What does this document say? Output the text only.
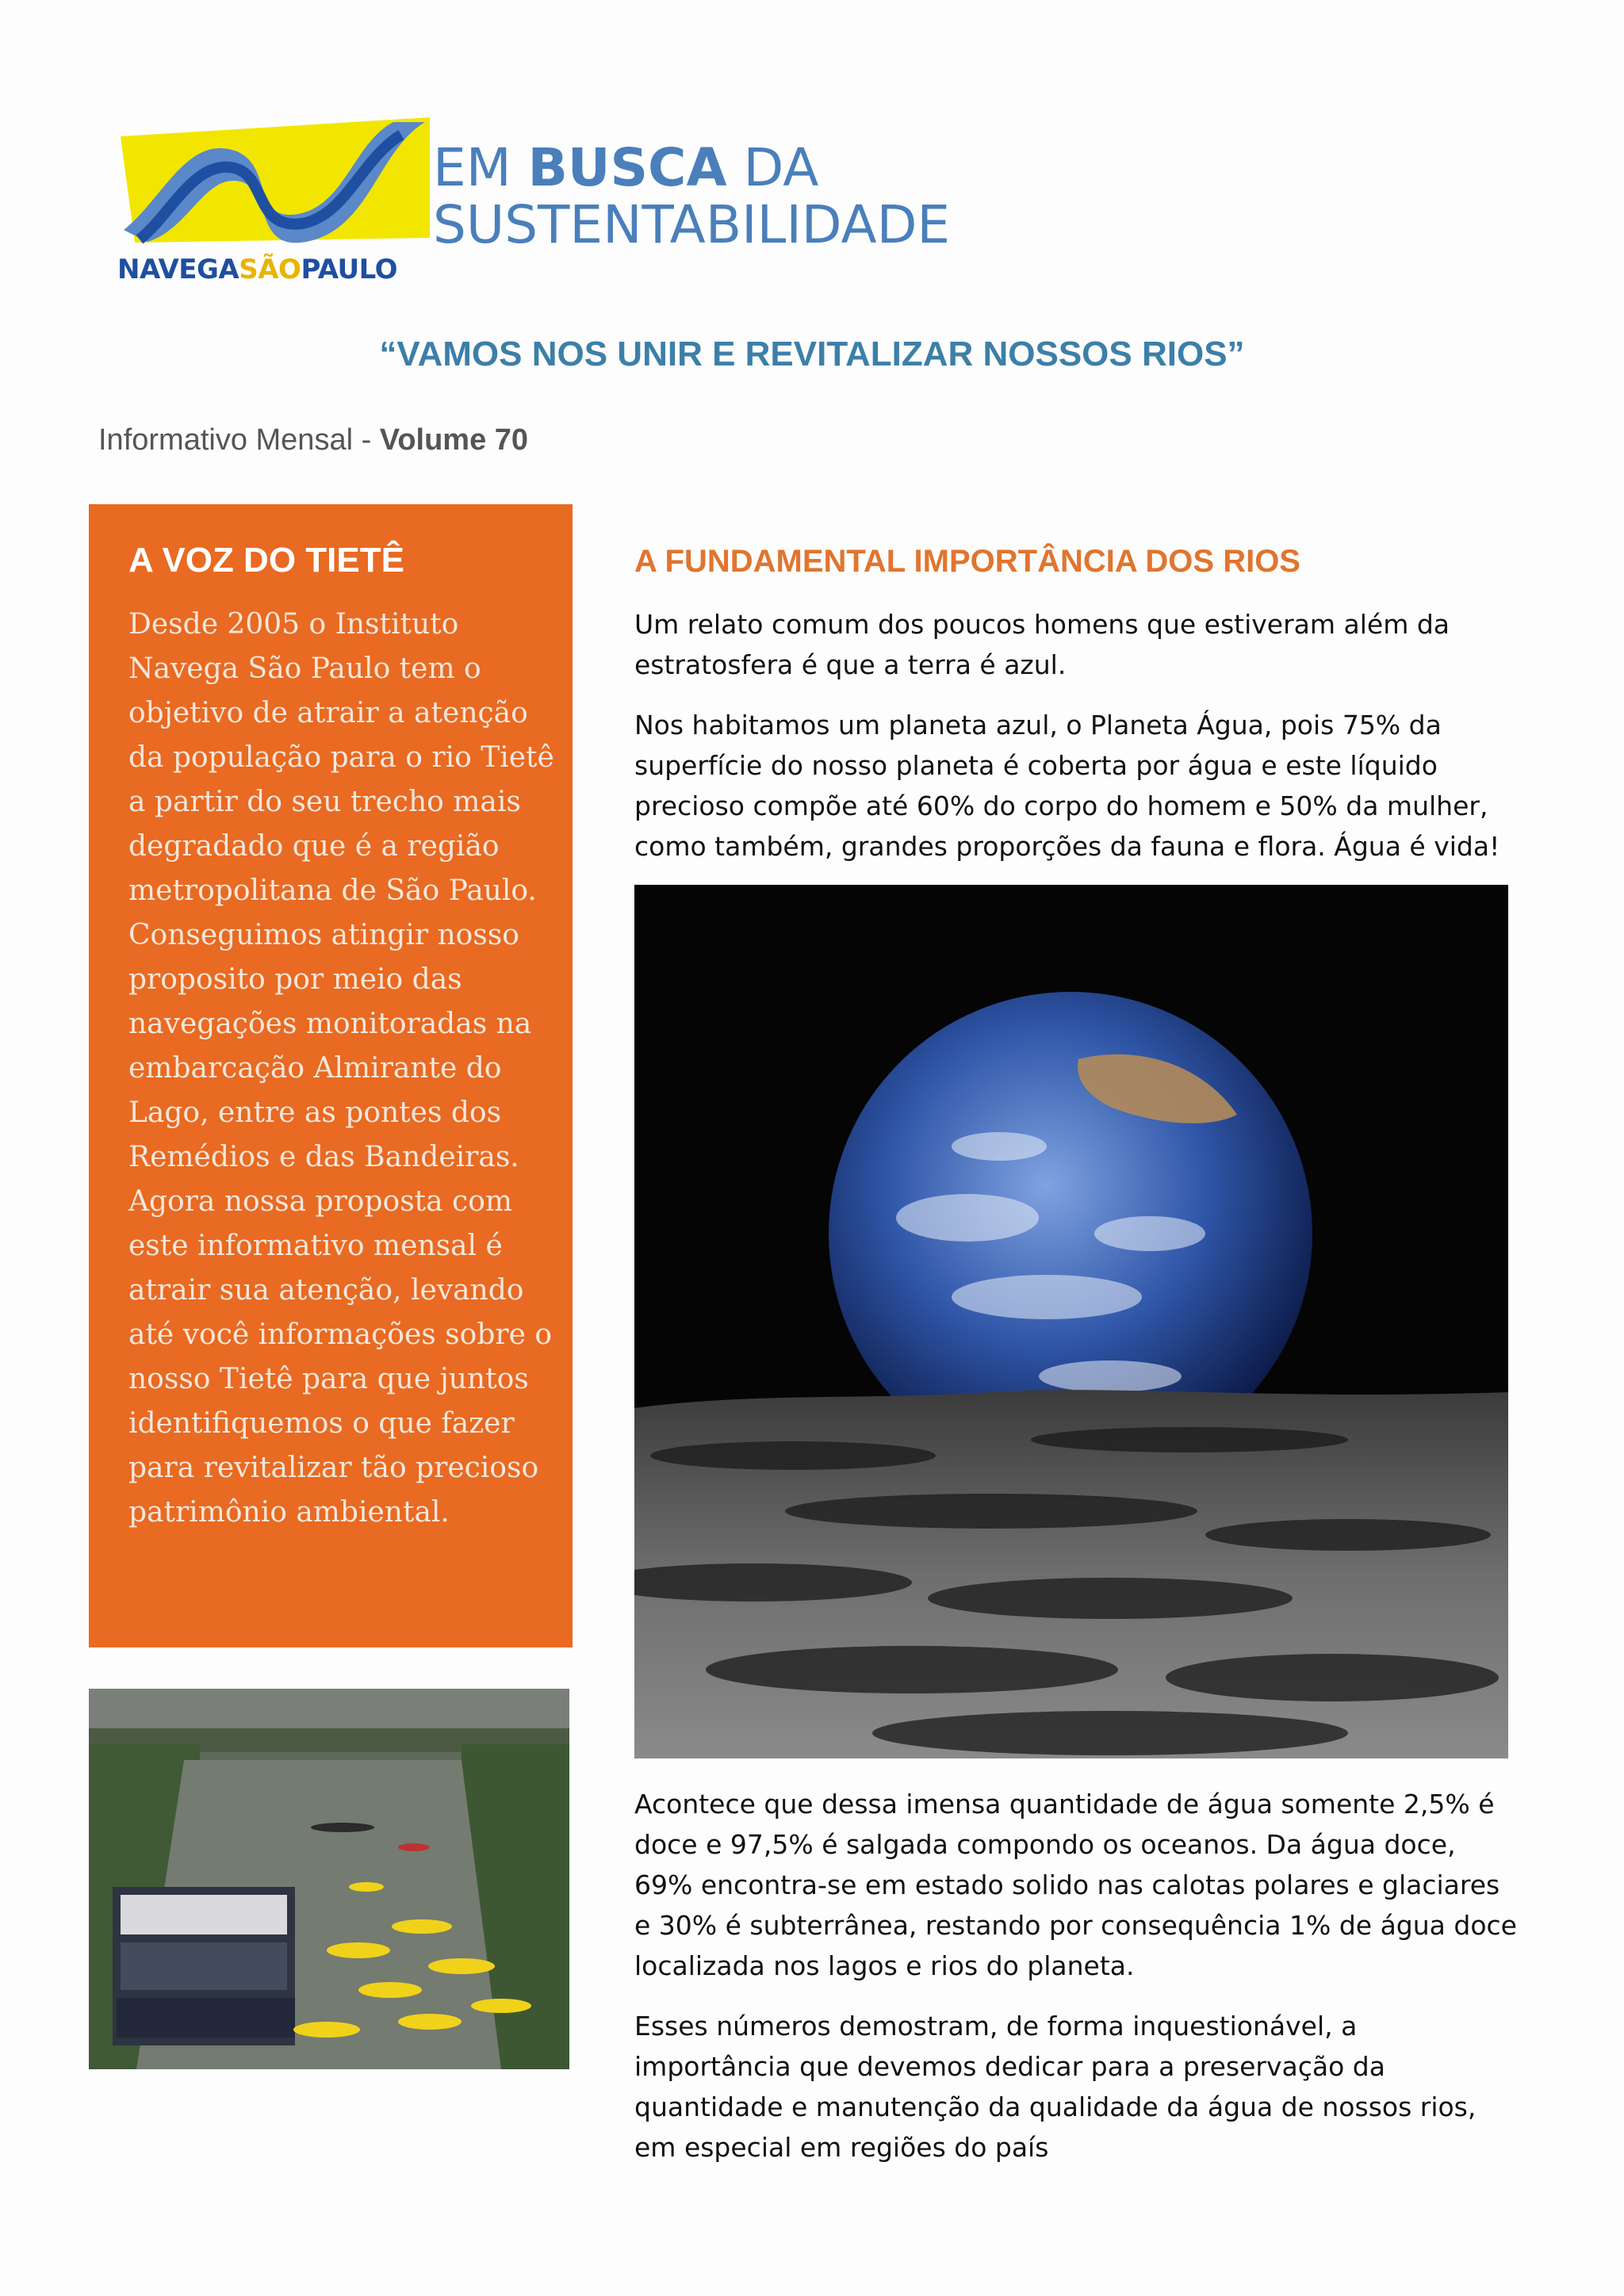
NAVEGASÃOPAULO
EM BUSCA DA
SUSTENTABILIDADE
“VAMOS NOS UNIR E REVITALIZAR NOSSOS RIOS”
Informativo Mensal - Volume 70
A VOZ DO TIETÊ
Desde 2005 o Instituto Navega São Paulo tem o objetivo de atrair a atenção da população para o rio Tietê a partir do seu trecho mais degradado que é a região metropolitana de São Paulo. Conseguimos atingir nosso proposito por meio das navegações monitoradas na embarcação Almirante do Lago, entre as pontes dos Remédios e das Bandeiras. Agora nossa proposta com este informativo mensal é atrair sua atenção, levando até você informações sobre o nosso Tietê para que juntos identifiquemos o que fazer para revitalizar tão precioso patrimônio ambiental.
A FUNDAMENTAL IMPORTÂNCIA DOS RIOS
Um relato comum dos poucos homens que estiveram além da estratosfera é que a terra é azul.
Nos habitamos um planeta azul, o Planeta Água, pois 75% da superfície do nosso planeta é coberta por água e este líquido precioso compõe até 60% do corpo do homem e 50% da mulher, como também, grandes proporções da fauna e flora. Água é vida!
Acontece que dessa imensa quantidade de água somente 2,5% é doce e 97,5% é salgada compondo os oceanos. Da água doce, 69% encontra-se em estado solido nas calotas polares e glaciares e 30% é subterrânea, restando por consequência 1% de água doce localizada nos lagos e rios do planeta.
Esses números demostram, de forma inquestionável, a importância que devemos dedicar para a preservação da quantidade e manutenção da qualidade da água de nossos rios, em especial em regiões do país
